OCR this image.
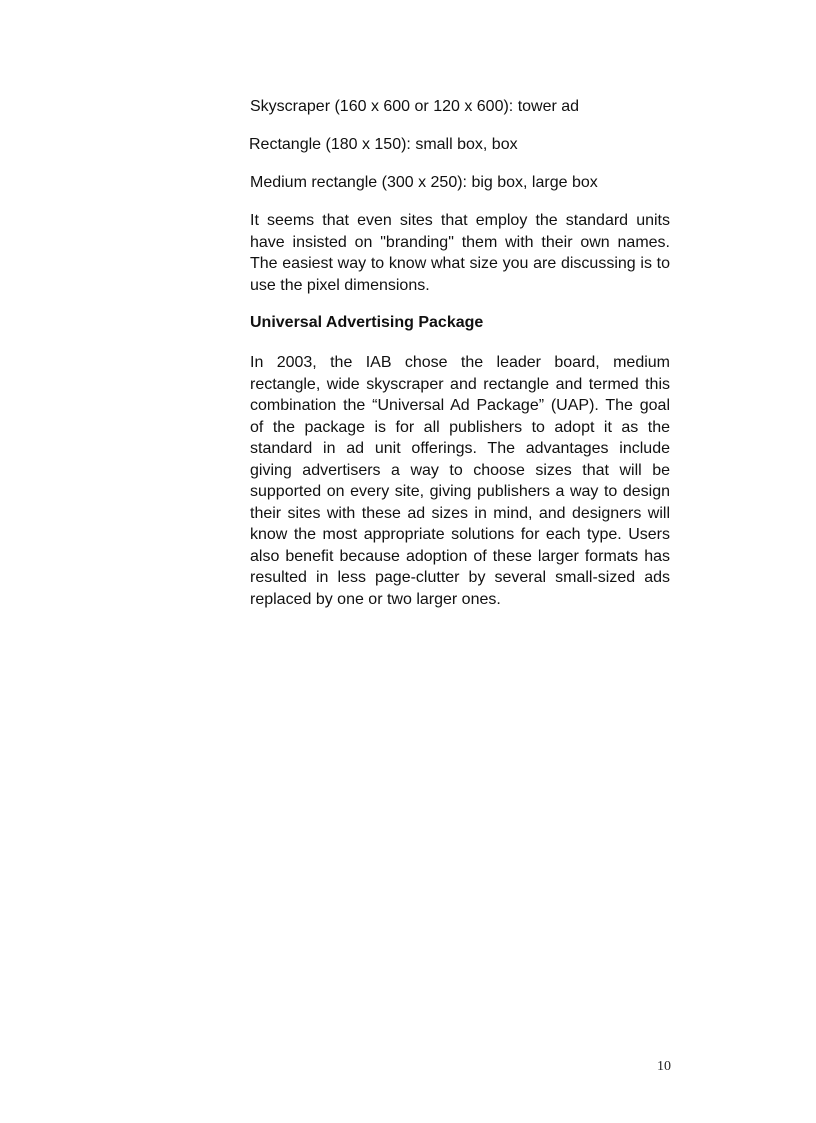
Skyscraper (160 x 600 or 120 x 600): tower ad

Rectangle (180 x 150): small box, box

Medium rectangle (300 x 250): big box, large box

It seems that even sites that employ the standard units have insisted on "branding" them with their own names. The easiest way to know what size you are discussing is to use the pixel dimensions.

Universal Advertising Package

In 2003, the IAB chose the leader board, medium rectangle, wide skyscraper and rectangle and termed this combination the “Universal Ad Package” (UAP). The goal of the package is for all publishers to adopt it as the standard in ad unit offerings. The advantages include giving advertisers a way to choose sizes that will be supported on every site, giving publishers a way to design their sites with these ad sizes in mind, and designers will know the most appropriate solutions for each type. Users also benefit because adoption of these larger formats has resulted in less page-clutter by several small-sized ads replaced by one or two larger ones.

10
